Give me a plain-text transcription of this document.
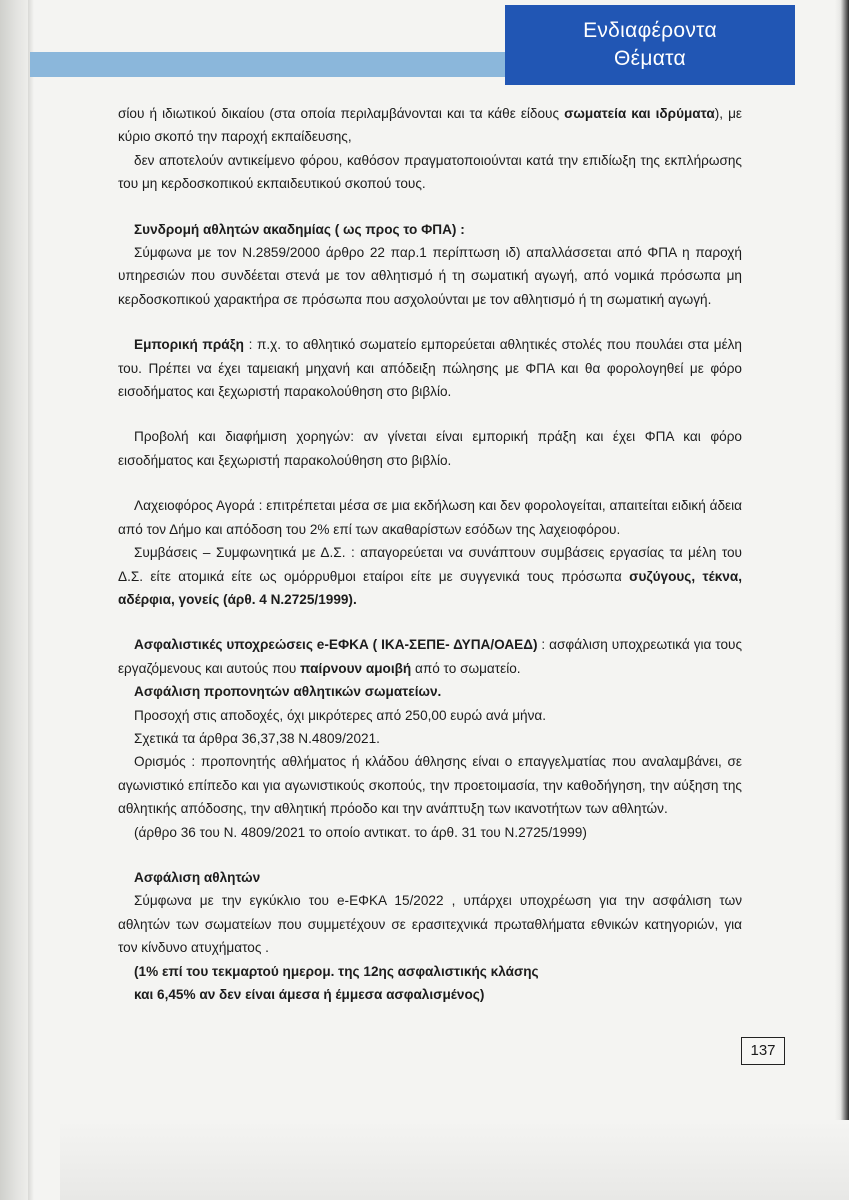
Ενδιαφέροντα
Θέματα

σίου ή ιδιωτικού δικαίου (στα οποία περιλαμβάνονται και τα κάθε είδους σωματεία και ιδρύματα), με κύριο σκοπό την παροχή εκπαίδευσης,

δεν αποτελούν αντικείμενο φόρου, καθόσον πραγματοποιούνται κατά την επιδίωξη της εκπλήρωσης του μη κερδοσκοπικού εκπαιδευτικού σκοπού τους.

Συνδρομή αθλητών ακαδημίας ( ως προς το ΦΠΑ) :

Σύμφωνα με τον Ν.2859/2000 άρθρο 22 παρ.1 περίπτωση ιδ) απαλλάσσεται από ΦΠΑ η παροχή υπηρεσιών που συνδέεται στενά με τον αθλητισμό ή τη σωματική αγωγή, από νομικά πρόσωπα μη κερδοσκοπικού χαρακτήρα σε πρόσωπα που ασχολούνται με τον αθλητισμό ή τη σωματική αγωγή.

Εμπορική πράξη : π.χ. το αθλητικό σωματείο εμπορεύεται αθλητικές στολές που πουλάει στα μέλη του. Πρέπει να έχει ταμειακή μηχανή και απόδειξη πώλησης με ΦΠΑ και θα φορολογηθεί με φόρο εισοδήματος και ξεχωριστή παρακολούθηση στο βιβλίο.

Προβολή και διαφήμιση χορηγών: αν γίνεται είναι εμπορική πράξη και έχει ΦΠΑ και φόρο εισοδήματος και ξεχωριστή παρακολούθηση στο βιβλίο.

Λαχειοφόρος Αγορά : επιτρέπεται μέσα σε μια εκδήλωση και δεν φορολογείται, απαιτείται ειδική άδεια από τον Δήμο και απόδοση του 2% επί των ακαθαρίστων εσόδων της λαχειοφόρου.

Συμβάσεις – Συμφωνητικά με Δ.Σ. : απαγορεύεται να συνάπτουν συμβάσεις εργασίας τα μέλη του Δ.Σ. είτε ατομικά είτε ως ομόρρυθμοι εταίροι είτε με συγγενικά τους πρόσωπα συζύγους, τέκνα, αδέρφια, γονείς (άρθ. 4 Ν.2725/1999).

Ασφαλιστικές υποχρεώσεις e-ΕΦΚΑ ( ΙΚΑ-ΣΕΠΕ- ΔΥΠΑ/ΟΑΕΔ) : ασφάλιση υποχρεωτικά για τους εργαζόμενους και αυτούς που παίρνουν αμοιβή από το σωματείο.

Ασφάλιση προπονητών αθλητικών σωματείων.

Προσοχή στις αποδοχές, όχι μικρότερες από 250,00 ευρώ ανά μήνα.

Σχετικά τα άρθρα 36,37,38 Ν.4809/2021.

Ορισμός : προπονητής αθλήματος ή κλάδου άθλησης είναι ο επαγγελματίας που αναλαμβάνει, σε αγωνιστικό επίπεδο και για αγωνιστικούς σκοπούς, την προετοιμασία, την καθοδήγηση, την αύξηση της αθλητικής απόδοσης, την αθλητική πρόοδο και την ανάπτυξη των ικανοτήτων των αθλητών.

(άρθρο 36 του Ν. 4809/2021 το οποίο αντικατ. το άρθ. 31 του Ν.2725/1999)

Ασφάλιση αθλητών

Σύμφωνα με την εγκύκλιο του e-ΕΦΚΑ 15/2022 , υπάρχει υποχρέωση για την ασφάλιση των αθλητών των σωματείων που συμμετέχουν σε ερασιτεχνικά πρωταθλήματα εθνικών κατηγοριών, για τον κίνδυνο ατυχήματος .

(1% επί του τεκμαρτού ημερομ. της 12ης ασφαλιστικής κλάσης

και 6,45% αν δεν είναι άμεσα ή έμμεσα ασφαλισμένος)

137
